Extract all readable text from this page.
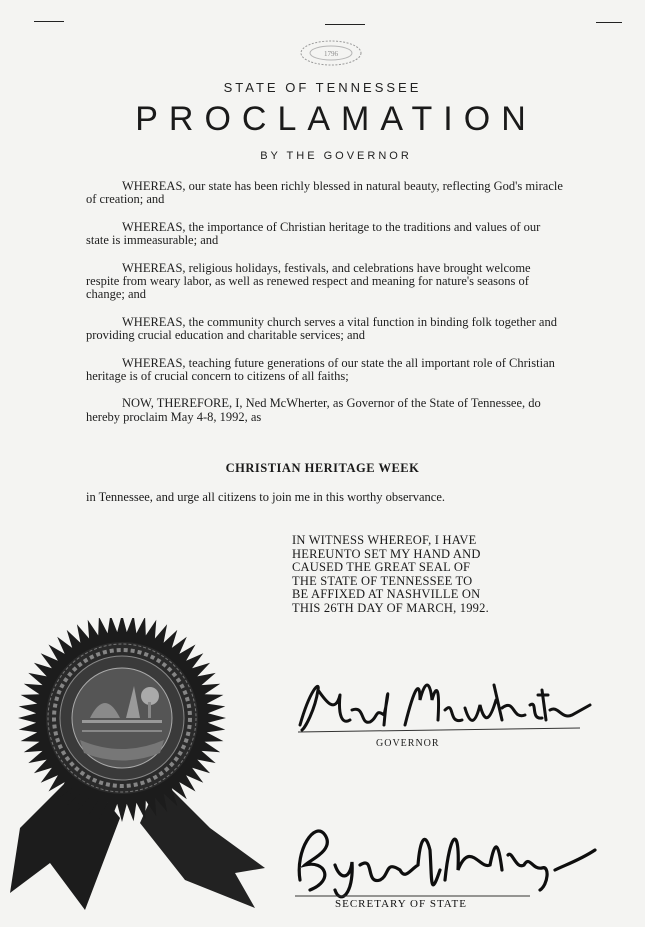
1796
STATE OF TENNESSEE
PROCLAMATION
BY THE GOVERNOR

WHEREAS, our state has been richly blessed in natural beauty, reflecting God's miracle of creation; and

WHEREAS, the importance of Christian heritage to the traditions and values of our state is immeasurable; and

WHEREAS, religious holidays, festivals, and celebrations have brought welcome respite from weary labor, as well as renewed respect and meaning for nature's seasons of change; and

WHEREAS, the community church serves a vital function in binding folk together and providing crucial education and charitable services; and

WHEREAS, teaching future generations of our state the all important role of Christian heritage is of crucial concern to citizens of all faiths;

NOW, THEREFORE, I, Ned McWherter, as Governor of the State of Tennessee, do hereby proclaim May 4-8, 1992, as

CHRISTIAN HERITAGE WEEK
in Tennessee, and urge all citizens to join me in this worthy observance.
IN WITNESS WHEREOF, I HAVE
HEREUNTO SET MY HAND AND
CAUSED THE GREAT SEAL OF
THE STATE OF TENNESSEE TO
BE AFFIXED AT NASHVILLE ON
THIS 26TH DAY OF MARCH, 1992.
GOVERNOR
SECRETARY OF STATE
